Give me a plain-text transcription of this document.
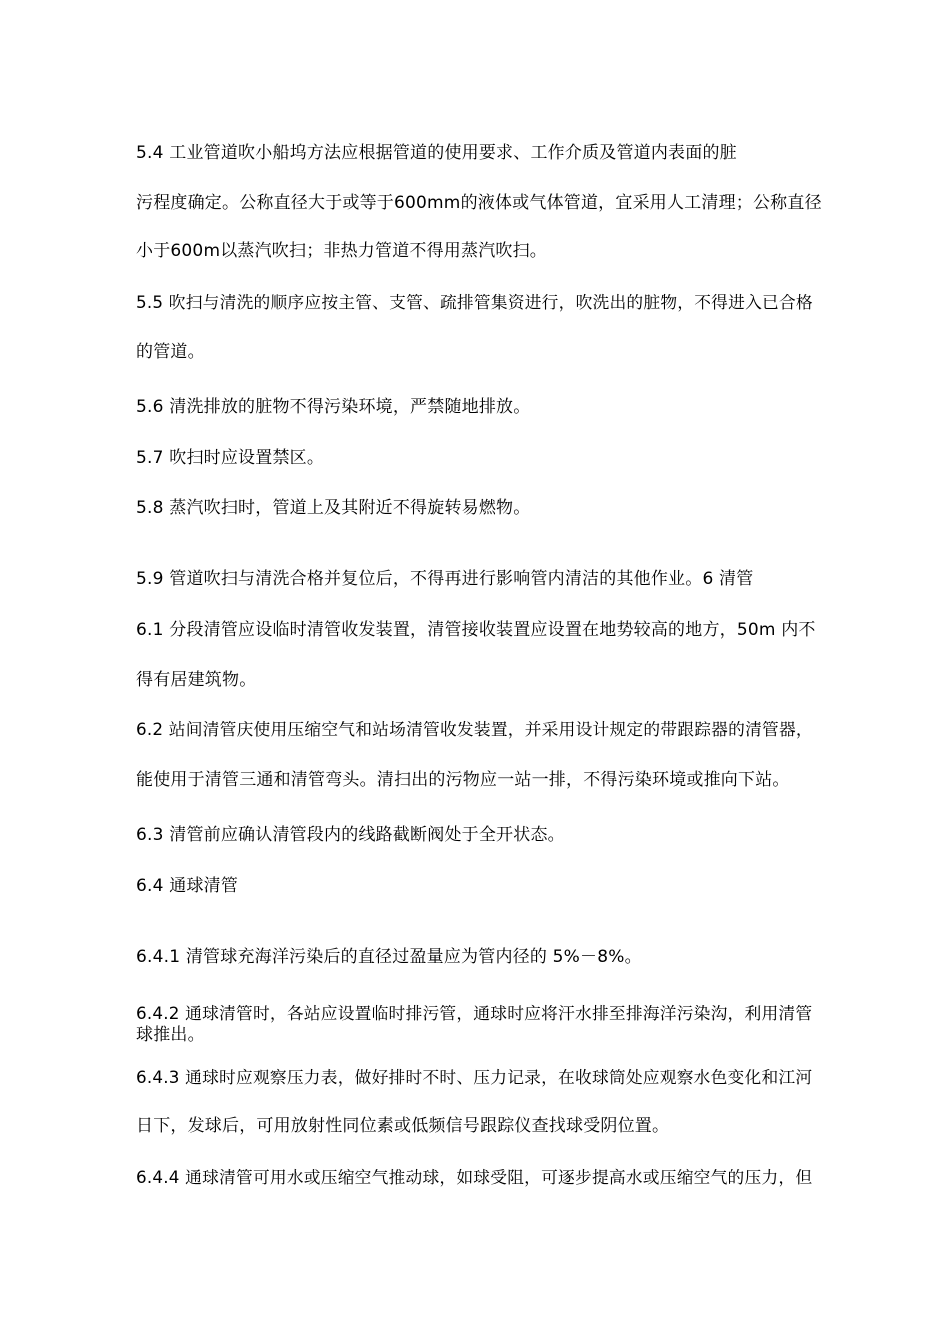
5.4 工业管道吹小船坞方法应根据管道的使用要求、工作介质及管道内表面的脏

污程度确定。公称直径大于或等于600mm的液体或气体管道，宜采用人工清理；公称直径

小于600m以蒸汽吹扫；非热力管道不得用蒸汽吹扫。

5.5 吹扫与清洗的顺序应按主管、支管、疏排管集资进行，吹洗出的脏物，不得进入已合格

的管道。

5.6 清洗排放的脏物不得污染环境，严禁随地排放。

5.7 吹扫时应设置禁区。

5.8 蒸汽吹扫时，管道上及其附近不得旋转易燃物。

5.9 管道吹扫与清洗合格并复位后，不得再进行影响管内清洁的其他作业。6 清管

6.1 分段清管应设临时清管收发装置，清管接收装置应设置在地势较高的地方，50m 内不

得有居建筑物。

6.2 站间清管庆使用压缩空气和站场清管收发装置，并采用设计规定的带跟踪器的清管器，

能使用于清管三通和清管弯头。清扫出的污物应一站一排，不得污染环境或推向下站。

6.3 清管前应确认清管段内的线路截断阀处于全开状态。

6.4 通球清管

6.4.1 清管球充海洋污染后的直径过盈量应为管内径的 5%－8%。

6.4.2 通球清管时，各站应设置临时排污管，通球时应将汗水排至排海洋污染沟，利用清管

球推出。

6.4.3 通球时应观察压力表，做好排时不时、压力记录，在收球筒处应观察水色变化和江河

日下，发球后，可用放射性同位素或低频信号跟踪仪查找球受阴位置。

6.4.4 通球清管可用水或压缩空气推动球，如球受阻，可逐步提高水或压缩空气的压力，但
